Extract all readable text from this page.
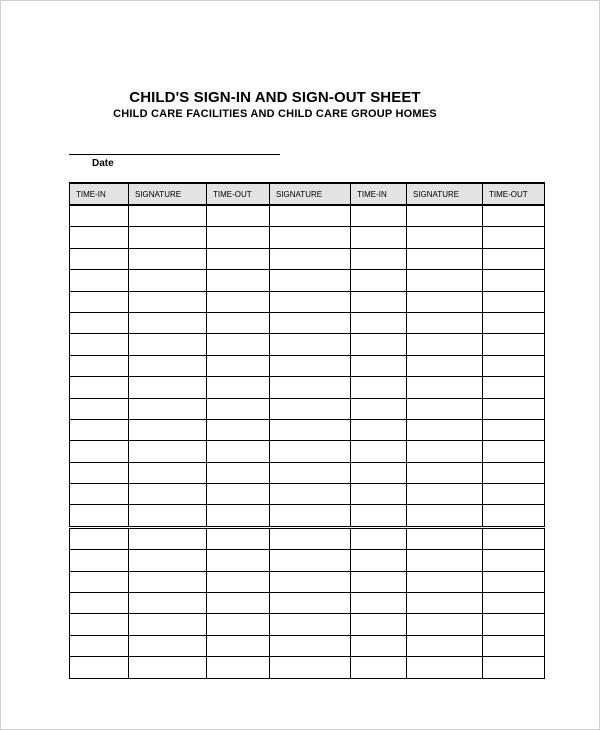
CHILD'S SIGN-IN AND SIGN-OUT SHEET
CHILD CARE FACILITIES AND CHILD CARE GROUP HOMES
Date
TIME-IN	SIGNATURE	TIME-OUT	SIGNATURE	TIME-IN	SIGNATURE	TIME-OUT
